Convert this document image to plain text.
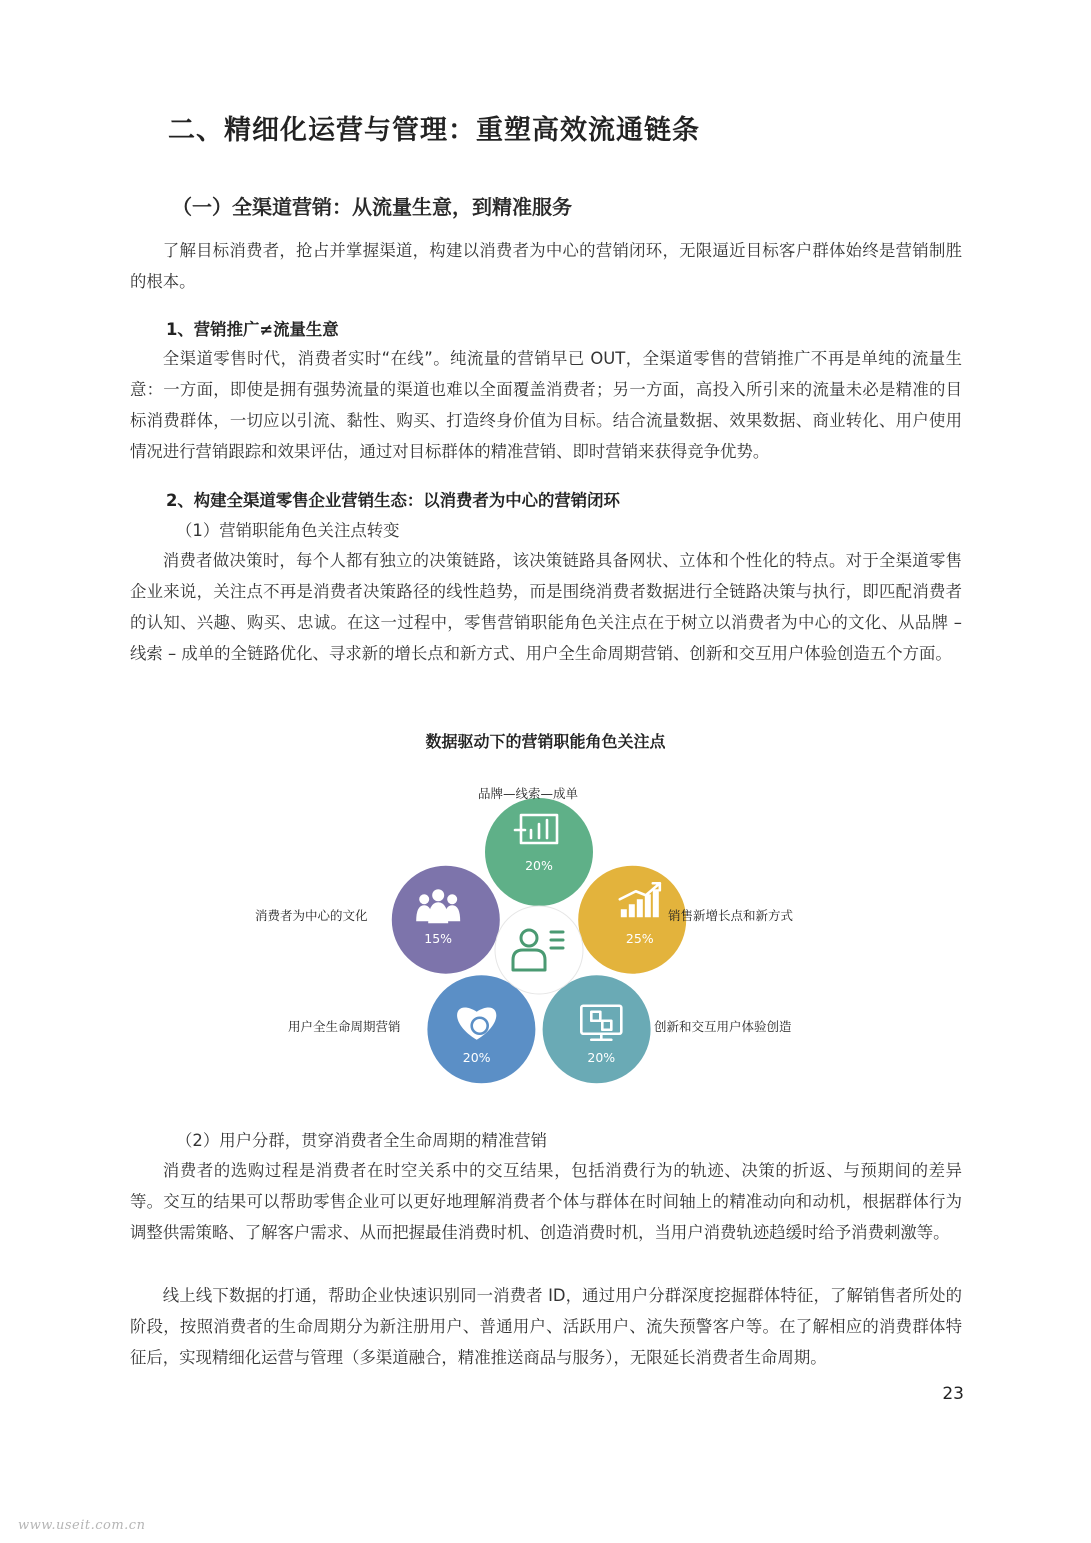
二、精细化运营与管理：重塑高效流通链条
（一）全渠道营销：从流量生意，到精准服务

了解目标消费者，抢占并掌握渠道，构建以消费者为中心的营销闭环，无限逼近目标客户群体始终是营销制胜的根本。

1、营销推广≠流量生意

全渠道零售时代，消费者实时“在线”。纯流量的营销早已 OUT，全渠道零售的营销推广不再是单纯的流量生意：一方面，即使是拥有强势流量的渠道也难以全面覆盖消费者；另一方面，高投入所引来的流量未必是精准的目标消费群体，一切应以引流、黏性、购买、打造终身价值为目标。结合流量数据、效果数据、商业转化、用户使用情况进行营销跟踪和效果评估，通过对目标群体的精准营销、即时营销来获得竞争优势。

2、构建全渠道零售企业营销生态：以消费者为中心的营销闭环
（1）营销职能角色关注点转变

消费者做决策时，每个人都有独立的决策链路，该决策链路具备网状、立体和个性化的特点。对于全渠道零售企业来说，关注点不再是消费者决策路径的线性趋势，而是围绕消费者数据进行全链路决策与执行，即匹配消费者的认知、兴趣、购买、忠诚。在这一过程中，零售营销职能角色关注点在于树立以消费者为中心的文化、从品牌 – 线索 – 成单的全链路优化、寻求新的增长点和新方式、用户全生命周期营销、创新和交互用户体验创造五个方面。

数据驱动下的营销职能角色关注点
20%
25%
20%
20%
15%
品牌—线索—成单
销售新增长点和新方式
创新和交互用户体验创造
用户全生命周期营销
消费者为中心的文化
（2）用户分群，贯穿消费者全生命周期的精准营销

消费者的选购过程是消费者在时空关系中的交互结果，包括消费行为的轨迹、决策的折返、与预期间的差异等。交互的结果可以帮助零售企业可以更好地理解消费者个体与群体在时间轴上的精准动向和动机，根据群体行为调整供需策略、了解客户需求、从而把握最佳消费时机、创造消费时机，当用户消费轨迹趋缓时给予消费刺激等。

线上线下数据的打通，帮助企业快速识别同一消费者 ID，通过用户分群深度挖掘群体特征，了解销售者所处的阶段，按照消费者的生命周期分为新注册用户、普通用户、活跃用户、流失预警客户等。在了解相应的消费群体特征后，实现精细化运营与管理（多渠道融合，精准推送商品与服务），无限延长消费者生命周期。

23
www.useit.com.cn
